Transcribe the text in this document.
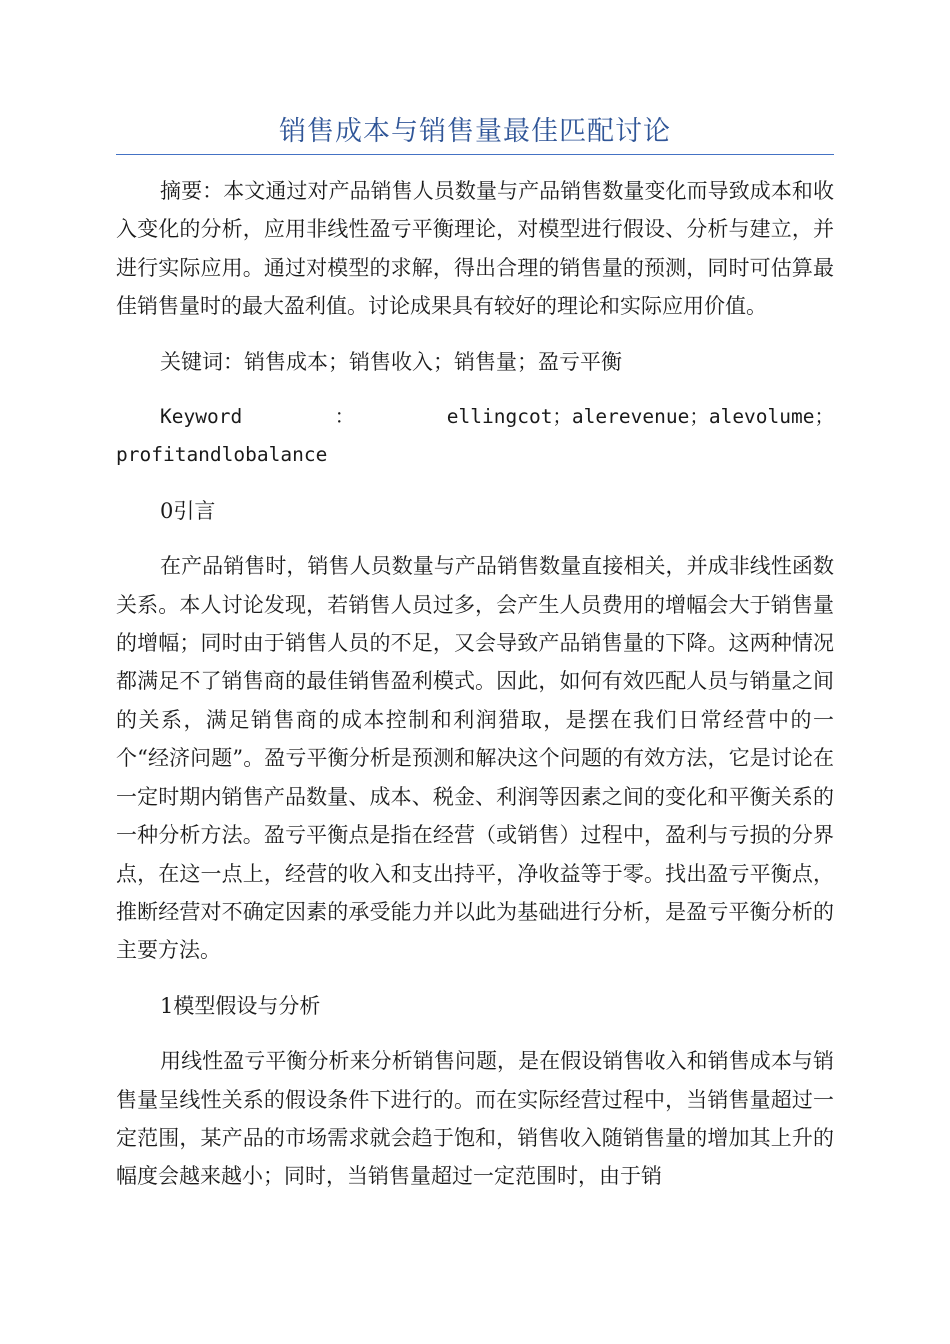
销售成本与销售量最佳匹配讨论

摘要：本文通过对产品销售人员数量与产品销售数量变化而导致成本和收入变化的分析，应用非线性盈亏平衡理论，对模型进行假设、分析与建立，并进行实际应用。通过对模型的求解，得出合理的销售量的预测，同时可估算最佳销售量时的最大盈利值。讨论成果具有较好的理论和实际应用价值。

关键词：销售成本；销售收入；销售量；盈亏平衡

Keyword：ellingcot；alerevenue；alevolume；profitandlobalance

0引言

在产品销售时，销售人员数量与产品销售数量直接相关，并成非线性函数关系。本人讨论发现，若销售人员过多，会产生人员费用的增幅会大于销售量的增幅；同时由于销售人员的不足，又会导致产品销售量的下降。这两种情况都满足不了销售商的最佳销售盈利模式。因此，如何有效匹配人员与销量之间的关系，满足销售商的成本控制和利润猎取，是摆在我们日常经营中的一个“经济问题”。盈亏平衡分析是预测和解决这个问题的有效方法，它是讨论在一定时期内销售产品数量、成本、税金、利润等因素之间的变化和平衡关系的一种分析方法。盈亏平衡点是指在经营（或销售）过程中，盈利与亏损的分界点，在这一点上，经营的收入和支出持平，净收益等于零。找出盈亏平衡点，推断经营对不确定因素的承受能力并以此为基础进行分析，是盈亏平衡分析的主要方法。

1模型假设与分析

用线性盈亏平衡分析来分析销售问题，是在假设销售收入和销售成本与销售量呈线性关系的假设条件下进行的。而在实际经营过程中，当销售量超过一定范围，某产品的市场需求就会趋于饱和，销售收入随销售量的增加其上升的幅度会越来越小；同时，当销售量超过一定范围时，由于销
